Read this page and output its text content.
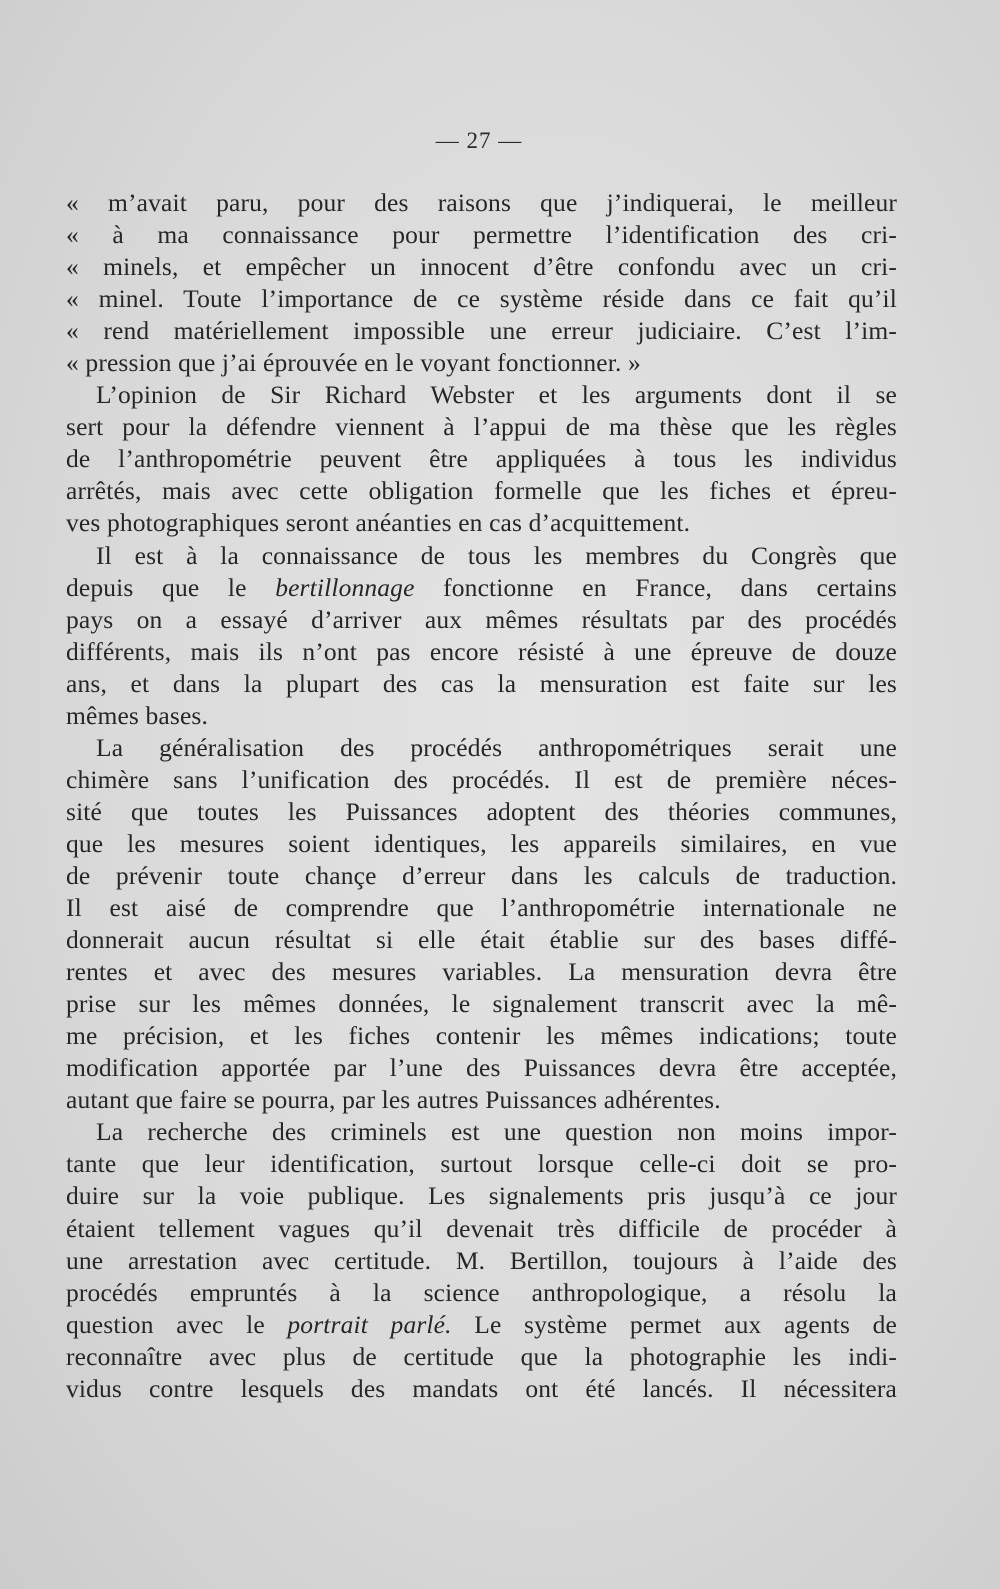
— 27 —
« m’avait paru, pour des raisons que j’indiquerai, le meilleur
« à ma connaissance pour permettre l’identification des cri-
« minels, et empêcher un innocent d’être confondu avec un cri-
« minel. Toute l’importance de ce système réside dans ce fait qu’il
« rend matériellement impossible une erreur judiciaire. C’est l’im-
« pression que j’ai éprouvée en le voyant fonctionner. »
L’opinion de Sir Richard Webster et les arguments dont il se
sert pour la défendre viennent à l’appui de ma thèse que les règles
de l’anthropométrie peuvent être appliquées à tous les individus
arrêtés, mais avec cette obligation formelle que les fiches et épreu-
ves photographiques seront anéanties en cas d’acquittement.
Il est à la connaissance de tous les membres du Congrès que
depuis que le bertillonnage fonctionne en France, dans certains
pays on a essayé d’arriver aux mêmes résultats par des procédés
différents, mais ils n’ont pas encore résisté à une épreuve de douze
ans, et dans la plupart des cas la mensuration est faite sur les
mêmes bases.
La généralisation des procédés anthropométriques serait une
chimère sans l’unification des procédés. Il est de première néces-
sité que toutes les Puissances adoptent des théories communes,
que les mesures soient identiques, les appareils similaires, en vue
de prévenir toute chançe d’erreur dans les calculs de traduction.
Il est aisé de comprendre que l’anthropométrie internationale ne
donnerait aucun résultat si elle était établie sur des bases diffé-
rentes et avec des mesures variables. La mensuration devra être
prise sur les mêmes données, le signalement transcrit avec la mê-
me précision, et les fiches contenir les mêmes indications; toute
modification apportée par l’une des Puissances devra être acceptée,
autant que faire se pourra, par les autres Puissances adhérentes.
La recherche des criminels est une question non moins impor-
tante que leur identification, surtout lorsque celle-ci doit se pro-
duire sur la voie publique. Les signalements pris jusqu’à ce jour
étaient tellement vagues qu’il devenait très difficile de procéder à
une arrestation avec certitude. M. Bertillon, toujours à l’aide des
procédés empruntés à la science anthropologique, a résolu la
question avec le portrait parlé. Le système permet aux agents de
reconnaître avec plus de certitude que la photographie les indi-
vidus contre lesquels des mandats ont été lancés. Il nécessitera
